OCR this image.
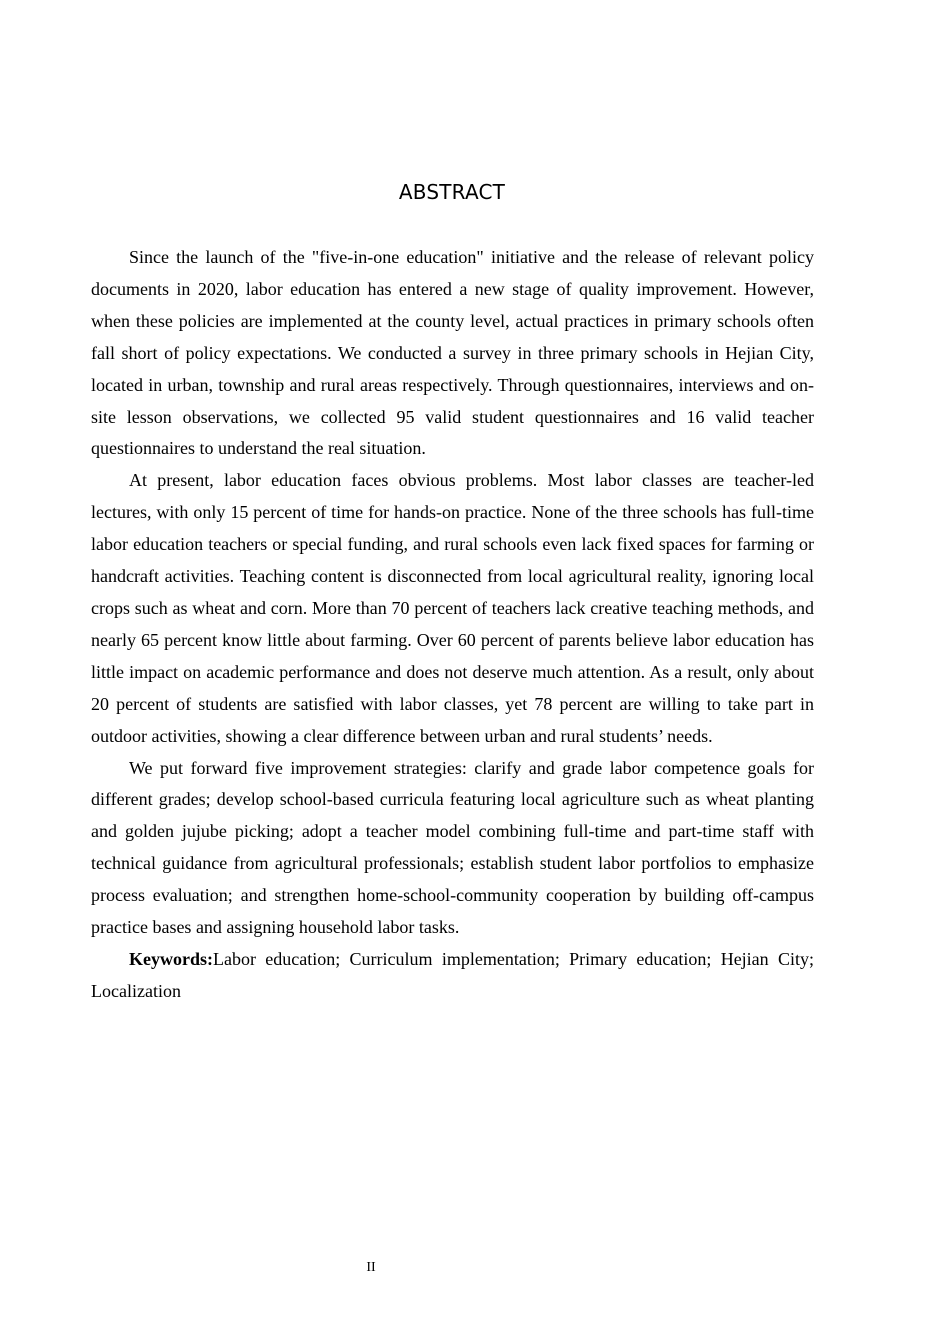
ABSTRACT

Since the launch of the "five-in-one education" initiative and the release of relevant policy documents in 2020, labor education has entered a new stage of quality improvement. However, when these policies are implemented at the county level, actual practices in primary schools often fall short of policy expectations. We conducted a survey in three primary schools in Hejian City, located in urban, township and rural areas respectively. Through questionnaires, interviews and on-site lesson observations, we collected 95 valid student questionnaires and 16 valid teacher questionnaires to understand the real situation.

At present, labor education faces obvious problems. Most labor classes are teacher-led lectures, with only 15 percent of time for hands-on practice. None of the three schools has full-time labor education teachers or special funding, and rural schools even lack fixed spaces for farming or handcraft activities. Teaching content is disconnected from local agricultural reality, ignoring local crops such as wheat and corn. More than 70 percent of teachers lack creative teaching methods, and nearly 65 percent know little about farming. Over 60 percent of parents believe labor education has little impact on academic performance and does not deserve much attention. As a result, only about 20 percent of students are satisfied with labor classes, yet 78 percent are willing to take part in outdoor activities, showing a clear difference between urban and rural students’ needs.

We put forward five improvement strategies: clarify and grade labor competence goals for different grades; develop school-based curricula featuring local agriculture such as wheat planting and golden jujube picking; adopt a teacher model combining full-time and part-time staff with technical guidance from agricultural professionals; establish student labor portfolios to emphasize process evaluation; and strengthen home-school-community cooperation by building off-campus practice bases and assigning household labor tasks.

Keywords:Labor education; Curriculum implementation; Primary education; Hejian City; Localization

II
